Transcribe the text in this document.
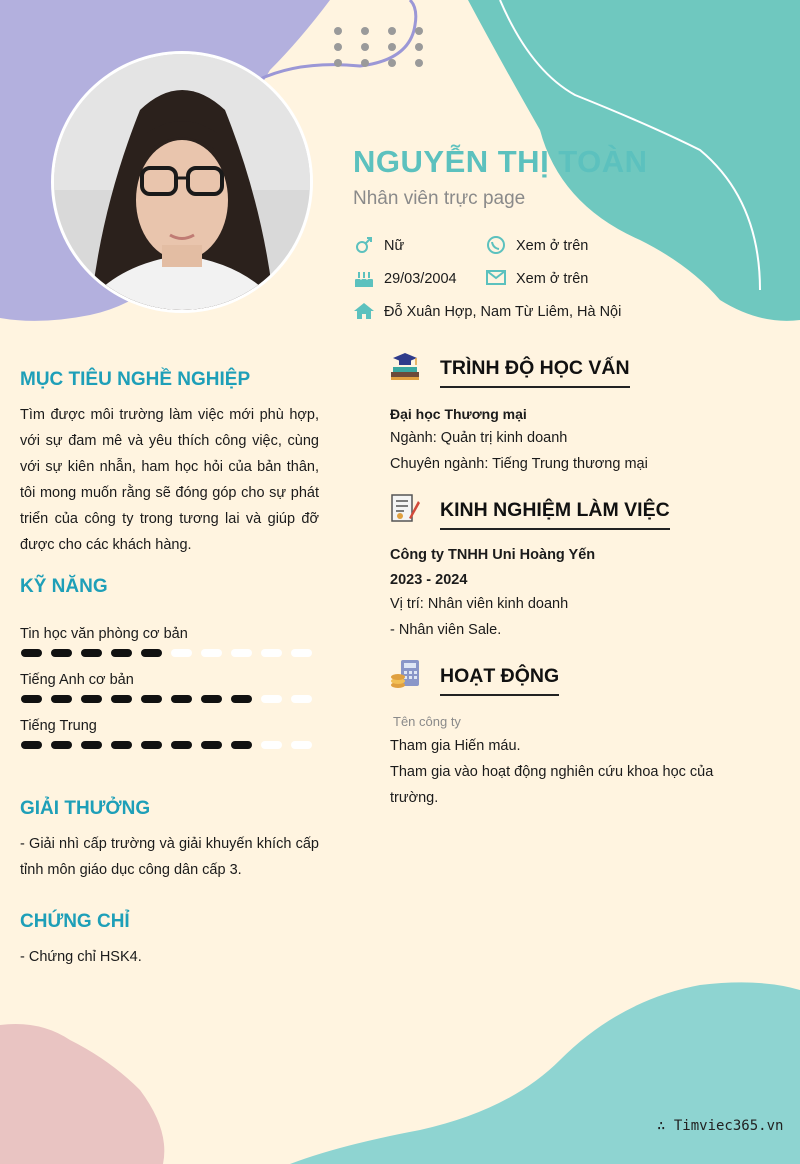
NGUYỄN THỊ TOÀN
Nhân viên trực page
Nữ	Xem ở trên
29/03/2004	Xem ở trên
Đỗ Xuân Hợp, Nam Từ Liêm, Hà Nội
MỤC TIÊU NGHỀ NGHIỆP
Tìm được môi trường làm việc mới phù hợp, với sự đam mê và yêu thích công việc, cùng với sự kiên nhẫn, ham học hỏi của bản thân, tôi mong muốn rằng sẽ đóng góp cho sự phát triển của công ty trong tương lai và giúp đỡ được cho các khách hàng.
KỸ NĂNG
Tin học văn phòng cơ bản
Tiếng Anh cơ bản
Tiếng Trung
GIẢI THƯỞNG
- Giải nhì cấp trường và giải khuyến khích cấp tỉnh môn giáo dục công dân cấp 3.
CHỨNG CHỈ
- Chứng chỉ HSK4.
TRÌNH ĐỘ HỌC VẤN
Đại học Thương mại
Ngành: Quản trị kinh doanh
Chuyên ngành: Tiếng Trung thương mại
KINH NGHIỆM LÀM VIỆC
Công ty TNHH Uni Hoàng Yến
2023 - 2024
Vị trí: Nhân viên kinh doanh
- Nhân viên Sale.
HOẠT ĐỘNG
Tên công ty
Tham gia Hiến máu.
Tham gia vào hoạt động nghiên cứu khoa học của trường.
∴ Timviec365.vn
